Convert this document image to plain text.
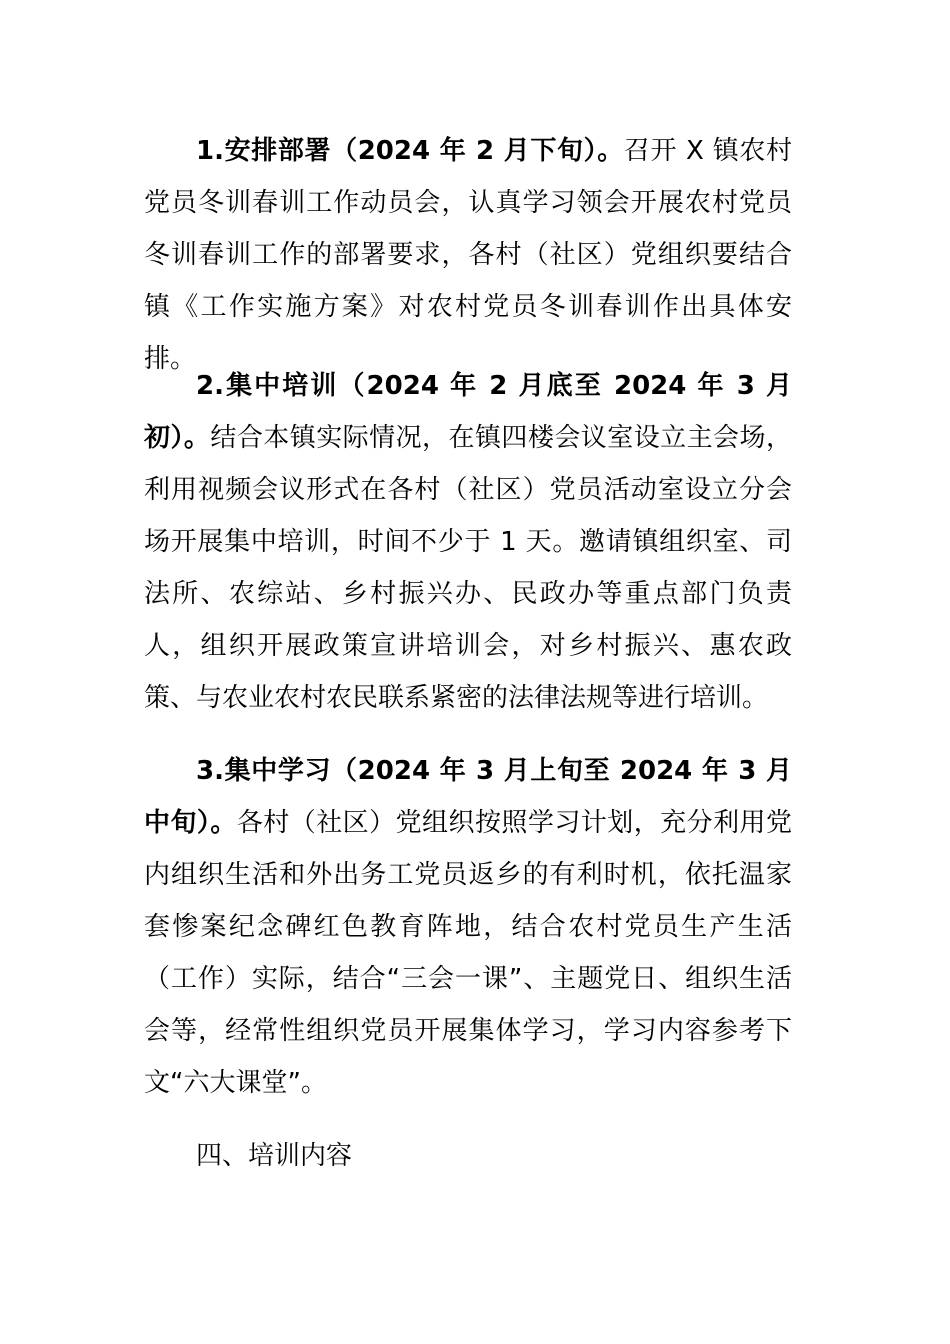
1.安排部署（2024 年 2 月下旬）。召开 X 镇农村党员冬训春训工作动员会，认真学习领会开展农村党员冬训春训工作的部署要求，各村（社区）党组织要结合镇《工作实施方案》对农村党员冬训春训作出具体安排。

2.集中培训（2024 年 2 月底至 2024 年 3 月初）。结合本镇实际情况，在镇四楼会议室设立主会场，利用视频会议形式在各村（社区）党员活动室设立分会场开展集中培训，时间不少于 1 天。邀请镇组织室、司法所、农综站、乡村振兴办、民政办等重点部门负责人，组织开展政策宣讲培训会，对乡村振兴、惠农政策、与农业农村农民联系紧密的法律法规等进行培训。

3.集中学习（2024 年 3 月上旬至 2024 年 3 月中旬）。各村（社区）党组织按照学习计划，充分利用党内组织生活和外出务工党员返乡的有利时机，依托温家套惨案纪念碑红色教育阵地，结合农村党员生产生活（工作）实际，结合“三会一课”、主题党日、组织生活会等，经常性组织党员开展集体学习，学习内容参考下文“六大课堂”。

四、培训内容
